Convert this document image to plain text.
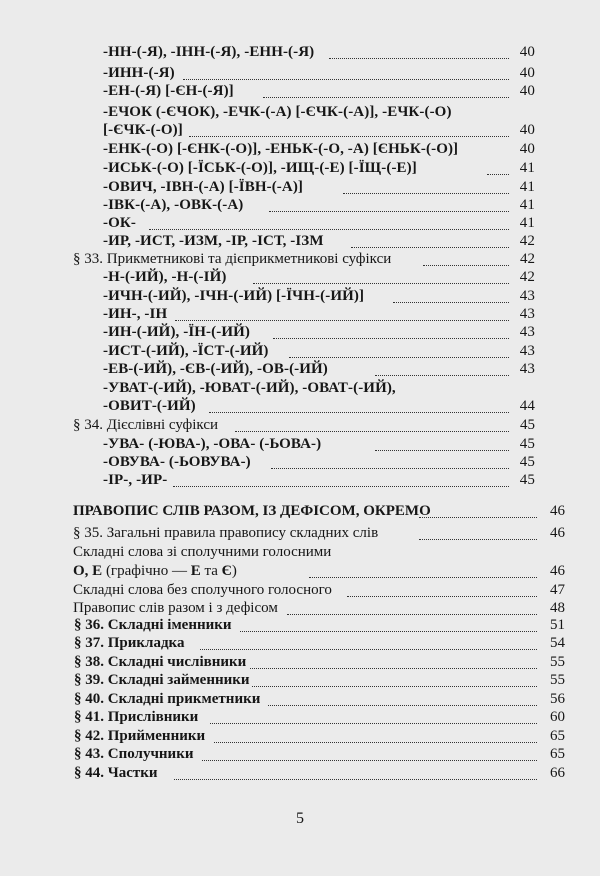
-НН-(-Я), -ІНН-(-Я), -ЕНН-(-Я)	40
-ИНН-(-Я)	40
-ЕН-(-Я) [-ЄН-(-Я)]	40
-ЕЧОК (-ЄЧОК), -ЕЧК-(-А) [-ЄЧК-(-А)], -ЕЧК-(-О)
[-ЄЧК-(-О)]	40
-ЕНК-(-О) [-ЄНК-(-О)], -ЕНЬК-(-О, -А) [ЄНЬК-(-О)]	40
-ИСЬК-(-О) [-ЇСЬК-(-О)], -ИЩ-(-Е) [-ЇЩ-(-Е)]	41
-ОВИЧ, -ІВН-(-А) [-ЇВН-(-А)]	41
-ІВК-(-А), -ОВК-(-А)	41
-ОК-	41
-ИР, -ИСТ, -ИЗМ, -ІР, -ІСТ, -ІЗМ	42
§ 33. Прикметникові та дієприкметникові суфікси	42
-Н-(-ИЙ), -Н-(-ІЙ)	42
-ИЧН-(-ИЙ), -ІЧН-(-ИЙ) [-ЇЧН-(-ИЙ)]	43
-ИН-, -ІН	43
-ИН-(-ИЙ), -ЇН-(-ИЙ)	43
-ИСТ-(-ИЙ), -ЇСТ-(-ИЙ)	43
-ЕВ-(-ИЙ), -ЄВ-(-ИЙ), -ОВ-(-ИЙ)	43
-УВАТ-(-ИЙ), -ЮВАТ-(-ИЙ), -ОВАТ-(-ИЙ),
-ОВИТ-(-ИЙ)	44
§ 34. Дієслівні суфікси	45
-УВА- (-ЮВА-), -ОВА- (-ЬОВА-)	45
-ОВУВА- (-ЬОВУВА-)	45
-ІР-, -ИР-	45
ПРАВОПИС СЛІВ РАЗОМ, ІЗ ДЕФІСОМ, ОКРЕМО	46
§ 35. Загальні правила правопису складних слів	46
Складні слова зі сполучними голосними
О, Е (графічно — Е та Є)	46
Складні слова без сполучного голосного	47
Правопис слів разом і з дефісом	48
§ 36. Складні іменники	51
§ 37. Прикладка	54
§ 38. Складні числівники	55
§ 39. Складні займенники	55
§ 40. Складні прикметники	56
§ 41. Прислівники	60
§ 42. Прийменники	65
§ 43. Сполучники	65
§ 44. Частки	66
5
